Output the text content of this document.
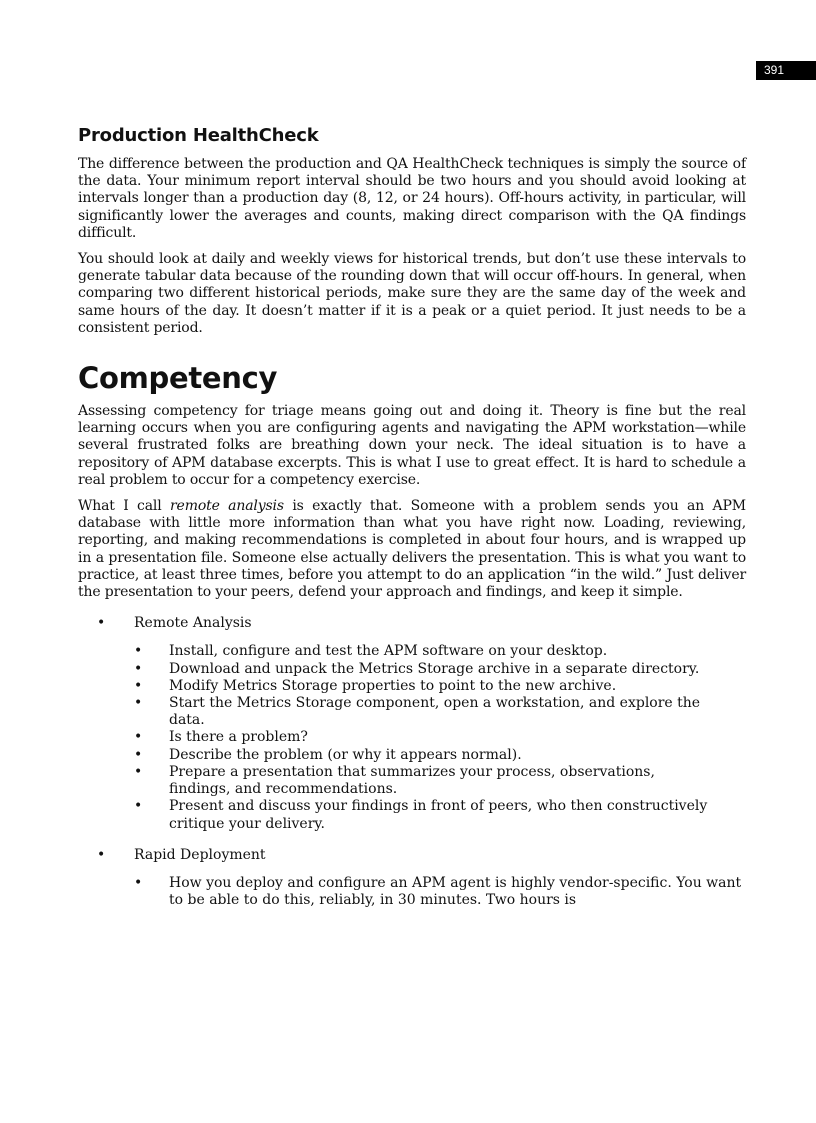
391
Production HealthCheck

The difference between the production and QA HealthCheck techniques is simply the source of the data. Your minimum report interval should be two hours and you should avoid looking at intervals longer than a production day (8, 12, or 24 hours). Off-hours activity, in particular, will significantly lower the averages and counts, making direct comparison with the QA findings difficult.

You should look at daily and weekly views for historical trends, but don’t use these intervals to generate tabular data because of the rounding down that will occur off-hours. In general, when comparing two different historical periods, make sure they are the same day of the week and same hours of the day. It doesn’t matter if it is a peak or a quiet period. It just needs to be a consistent period.

Competency

Assessing competency for triage means going out and doing it. Theory is fine but the real learning occurs when you are configuring agents and navigating the APM workstation—while several frustrated folks are breathing down your neck. The ideal situation is to have a repository of APM database excerpts. This is what I use to great effect. It is hard to schedule a real problem to occur for a competency exercise.

What I call remote analysis is exactly that. Someone with a problem sends you an APM database with little more information than what you have right now. Loading, reviewing, reporting, and making recommendations is completed in about four hours, and is wrapped up in a presentation file. Someone else actually delivers the presentation. This is what you want to practice, at least three times, before you attempt to do an application “in the wild.” Just deliver the presentation to your peers, defend your approach and findings, and keep it simple.

• Remote Analysis
• Install, configure and test the APM software on your desktop.
• Download and unpack the Metrics Storage archive in a separate directory.
• Modify Metrics Storage properties to point to the new archive.
• Start the Metrics Storage component, open a workstation, and explore the data.
• Is there a problem?
• Describe the problem (or why it appears normal).
• Prepare a presentation that summarizes your process, observations, findings, and recommendations.
• Present and discuss your findings in front of peers, who then constructively critique your delivery.
• Rapid Deployment
• How you deploy and configure an APM agent is highly vendor-specific. You want to be able to do this, reliably, in 30 minutes. Two hours is
